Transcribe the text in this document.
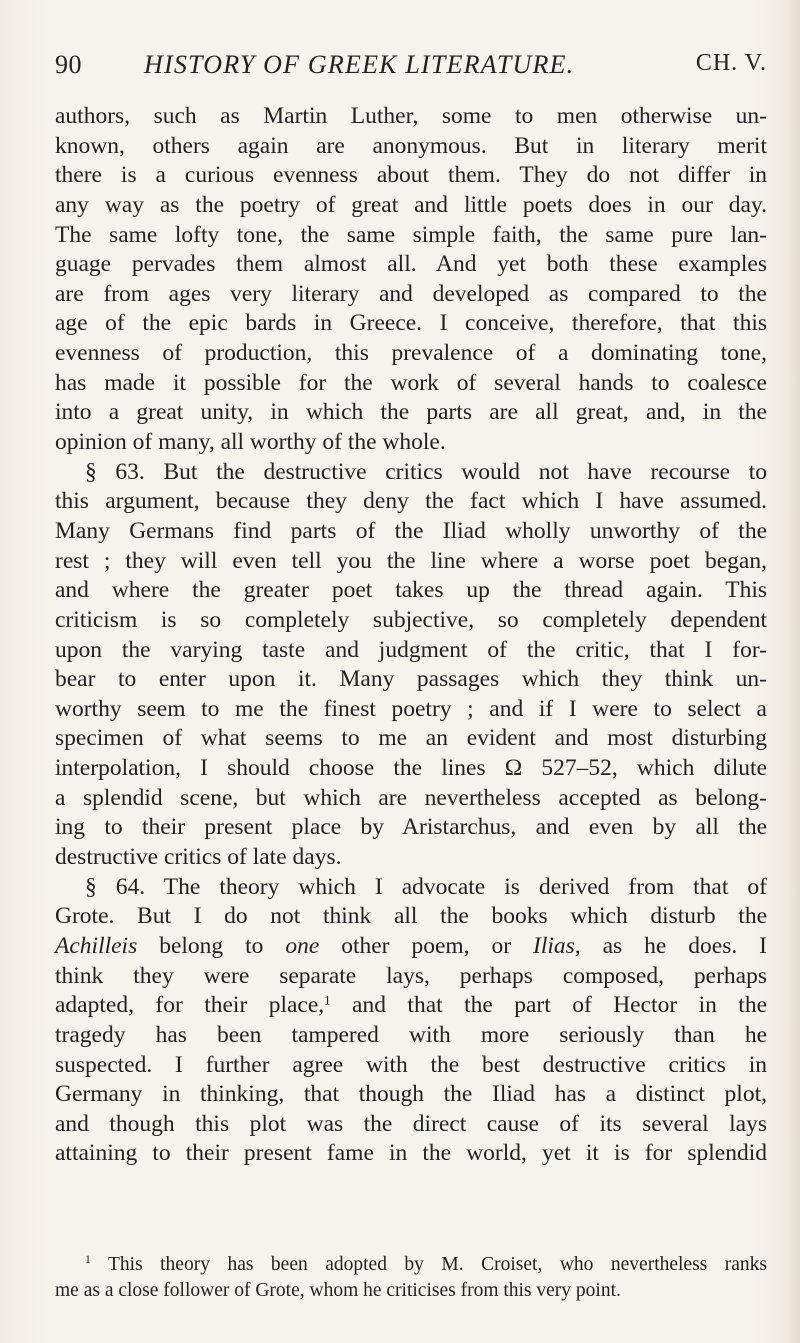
90 HISTORY OF GREEK LITERATURE.	CH. V.
authors, such as Martin Luther, some to men otherwise un-
known, others again are anonymous. But in literary merit
there is a curious evenness about them. They do not differ in
any way as the poetry of great and little poets does in our day.
The same lofty tone, the same simple faith, the same pure lan-
guage pervades them almost all. And yet both these examples
are from ages very literary and developed as compared to the
age of the epic bards in Greece. I conceive, therefore, that this
evenness of production, this prevalence of a dominating tone,
has made it possible for the work of several hands to coalesce
into a great unity, in which the parts are all great, and, in the
opinion of many, all worthy of the whole.
§ 63. But the destructive critics would not have recourse to
this argument, because they deny the fact which I have assumed.
Many Germans find parts of the Iliad wholly unworthy of the
rest ; they will even tell you the line where a worse poet began,
and where the greater poet takes up the thread again. This
criticism is so completely subjective, so completely dependent
upon the varying taste and judgment of the critic, that I for-
bear to enter upon it. Many passages which they think un-
worthy seem to me the finest poetry ; and if I were to select a
specimen of what seems to me an evident and most disturbing
interpolation, I should choose the lines Ω 527–52, which dilute
a splendid scene, but which are nevertheless accepted as belong-
ing to their present place by Aristarchus, and even by all the
destructive critics of late days.
§ 64. The theory which I advocate is derived from that of
Grote. But I do not think all the books which disturb the
Achilleis belong to one other poem, or Ilias, as he does. I
think they were separate lays, perhaps composed, perhaps
adapted, for their place,$^1$ and that the part of Hector in the
tragedy has been tampered with more seriously than he
suspected. I further agree with the best destructive critics in
Germany in thinking, that though the Iliad has a distinct plot,
and though this plot was the direct cause of its several lays
attaining to their present fame in the world, yet it is for splendid
$^1$ This theory has been adopted by M. Croiset, who nevertheless ranks
me as a close follower of Grote, whom he criticises from this very point.
